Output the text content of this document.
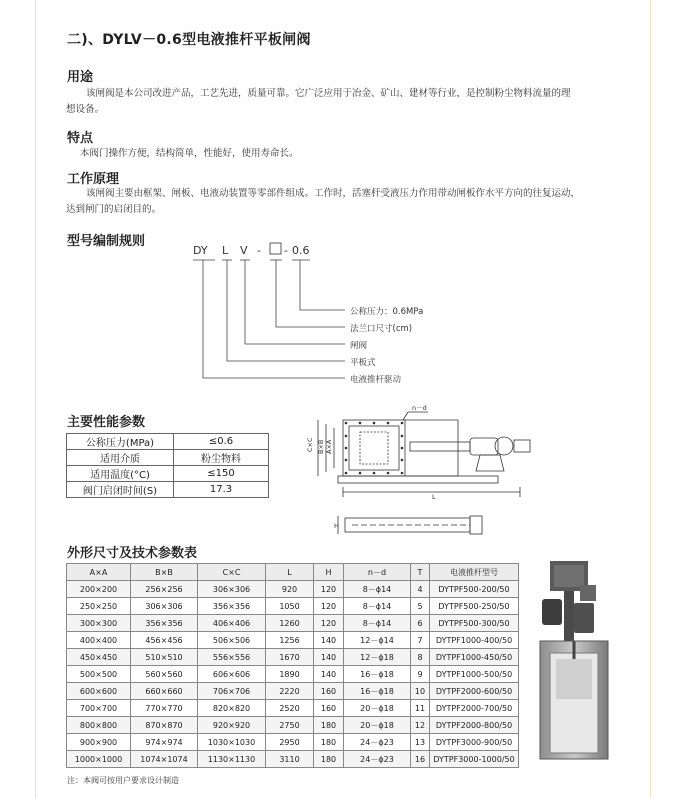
二)、DYLV－0.6型电液推杆平板闸阀
用途
该闸阀是本公司改进产品，工艺先进，质量可靠。它广泛应用于冶金、矿山、建材等行业，是控制粉尘物料流量的理
想设备。
特点
本阀门操作方便，结构简单，性能好，使用寿命长。
工作原理
该闸阀主要由框架、闸板、电液动装置等零部件组成。工作时，活塞杆受液压力作用带动闸板作水平方向的往复运动，
达到闸门的启闭目的。
型号编制规则
DY L V - - 0.6
公称压力：0.6MPa
法兰口尺寸(cm)
闸阀
平板式
电液推杆驱动
主要性能参数
公称压力(MPa)	≤0.6
适用介质	粉尘物料
适用温度(°C)	≤150
阀门启闭时间(S)	17.3
n－d
C×C B×B A×A
L
H
外形尺寸及技术参数表
A×A	B×B	C×C	L	H	n－d	T	电液推杆型号
200×200	256×256	306×306	920	120	8－ϕ14	4	DYTPF500-200/50
250×250	306×306	356×356	1050	120	8－ϕ14	5	DYTPF500-250/50
300×300	356×356	406×406	1260	120	8－ϕ14	6	DYTPF500-300/50
400×400	456×456	506×506	1256	140	12－ϕ14	7	DYTPF1000-400/50
450×450	510×510	556×556	1670	140	12－ϕ18	8	DYTPF1000-450/50
500×500	560×560	606×606	1890	140	16－ϕ18	9	DYTPF1000-500/50
600×600	660×660	706×706	2220	160	16－ϕ18	10	DYTPF2000-600/50
700×700	770×770	820×820	2520	160	20－ϕ18	11	DYTPF2000-700/50
800×800	870×870	920×920	2750	180	20－ϕ18	12	DYTPF2000-800/50
900×900	974×974	1030×1030	2950	180	24－ϕ23	13	DYTPF3000-900/50
1000×1000	1074×1074	1130×1130	3110	180	24－ϕ23	16	DYTPF3000-1000/50
注：本阀可按用户要求设计制造
